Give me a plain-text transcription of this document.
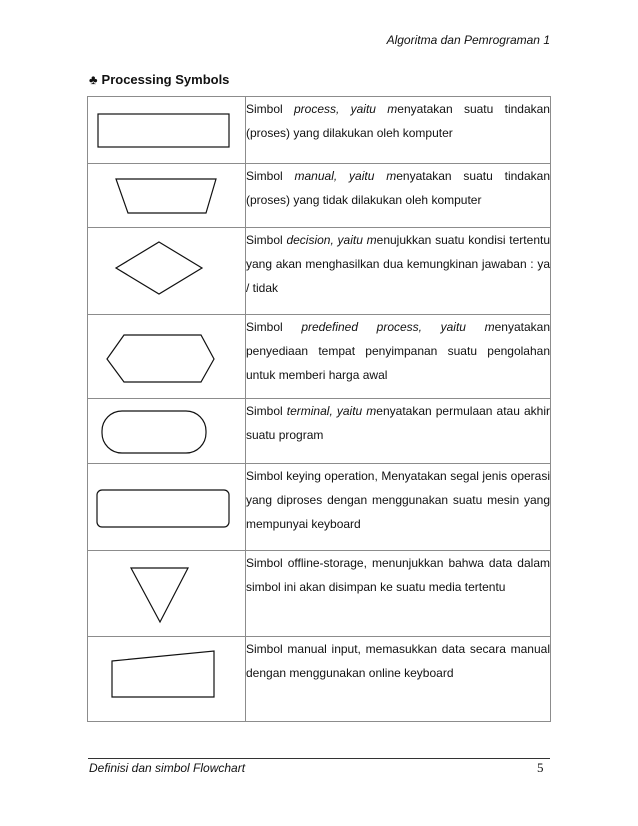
Algoritma dan Pemrograman 1
♣ Processing Symbols
	Simbol process, yaitu menyatakan suatu tindakan (proses) yang dilakukan oleh komputer

	Simbol manual, yaitu menyatakan suatu tindakan (proses) yang tidak dilakukan oleh komputer

	Simbol decision, yaitu menujukkan suatu kondisi tertentu yang akan menghasilkan dua kemungkinan jawaban : ya / tidak

	Simbol predefined process, yaitu menyatakan penyediaan tempat penyimpanan suatu pengolahan untuk memberi harga awal

	Simbol terminal, yaitu menyatakan permulaan atau akhir suatu program

	Simbol keying operation, Menyatakan segal jenis operasi yang diproses dengan menggunakan suatu mesin yang mempunyai keyboard

	Simbol offline-storage, menunjukkan bahwa data dalam simbol ini akan disimpan ke suatu media tertentu

	Simbol manual input, memasukkan data secara manual dengan menggunakan online keyboard
Definisi dan simbol Flowchart	5
